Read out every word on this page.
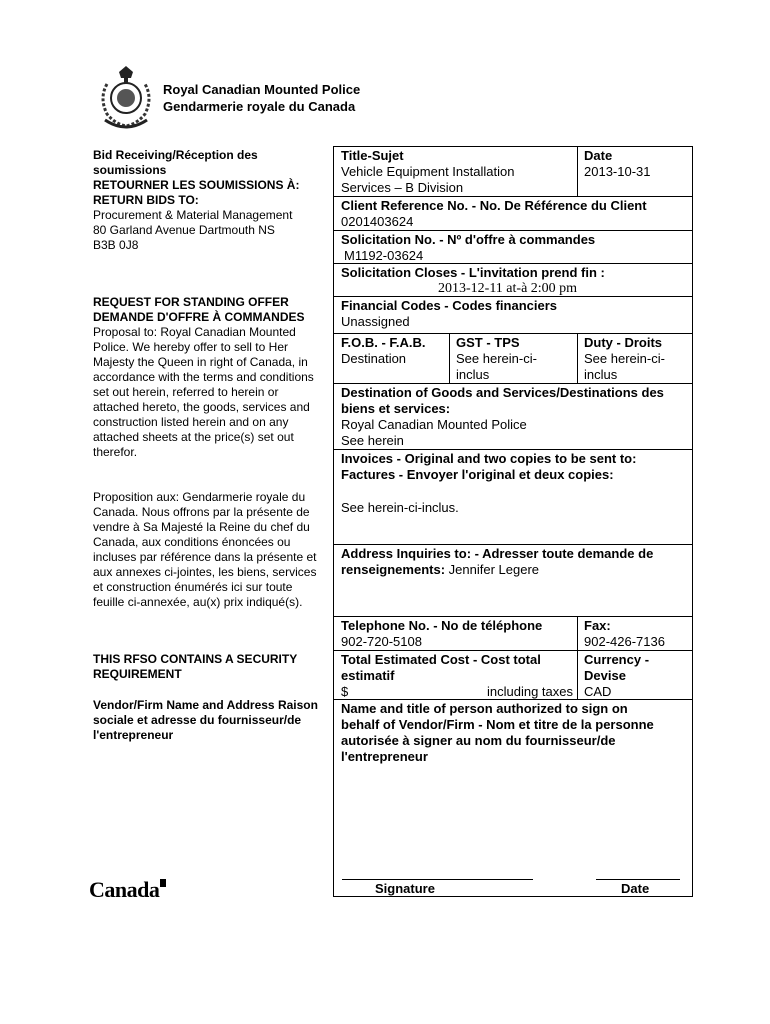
Royal Canadian Mounted Police
Gendarmerie royale du Canada
Bid Receiving/Réception des soumissions
RETOURNER LES SOUMISSIONS À:
RETURN BIDS TO:
Procurement & Material Management
80 Garland Avenue Dartmouth NS
B3B 0J8
REQUEST FOR STANDING OFFER DEMANDE D'OFFRE À COMMANDES
Proposal to: Royal Canadian Mounted Police. We hereby offer to sell to Her Majesty the Queen in right of Canada, in accordance with the terms and conditions set out herein, referred to herein or attached hereto, the goods, services and construction listed herein and on any attached sheets at the price(s) set out therefor.
Proposition aux: Gendarmerie royale du Canada. Nous offrons par la présente de vendre à Sa Majesté la Reine du chef du Canada, aux conditions énoncées ou incluses par référence dans la présente et aux annexes ci-jointes, les biens, services et construction énumérés ici sur toute feuille ci-annexée, au(x) prix indiqué(s).
THIS RFSO CONTAINS A SECURITY REQUIREMENT
Vendor/Firm Name and Address Raison sociale et adresse du fournisseur/de l'entrepreneur
Title-Sujet
Vehicle Equipment Installation
Services – B Division
Date
2013-10-31
Client Reference No. - No. De Référence du Client
0201403624
Solicitation No. - Nº d'offre à commandes
M1192-03624
Solicitation Closes - L'invitation prend fin :
2013-12-11 at-à 2:00 pm
Financial Codes - Codes financiers
Unassigned
F.O.B. - F.A.B.
Destination
GST - TPS
See herein-ci-
inclus
Duty - Droits
See herein-ci-
inclus
Destination of Goods and Services/Destinations des
biens et services:
Royal Canadian Mounted Police
See herein
Invoices - Original and two copies to be sent to:
Factures - Envoyer l'original et deux copies:
See herein-ci-inclus.
Address Inquiries to: - Adresser toute demande de
renseignements: Jennifer Legere
Telephone No. - No de téléphone
902-720-5108
Fax:
902-426-7136
Total Estimated Cost - Cost total
estimatif
$	including taxes
Currency -
Devise
CAD
Name and title of person authorized to sign on
behalf of Vendor/Firm - Nom et titre de la personne
autorisée à signer au nom du fournisseur/de
l'entrepreneur
Signature	Date
Canada
